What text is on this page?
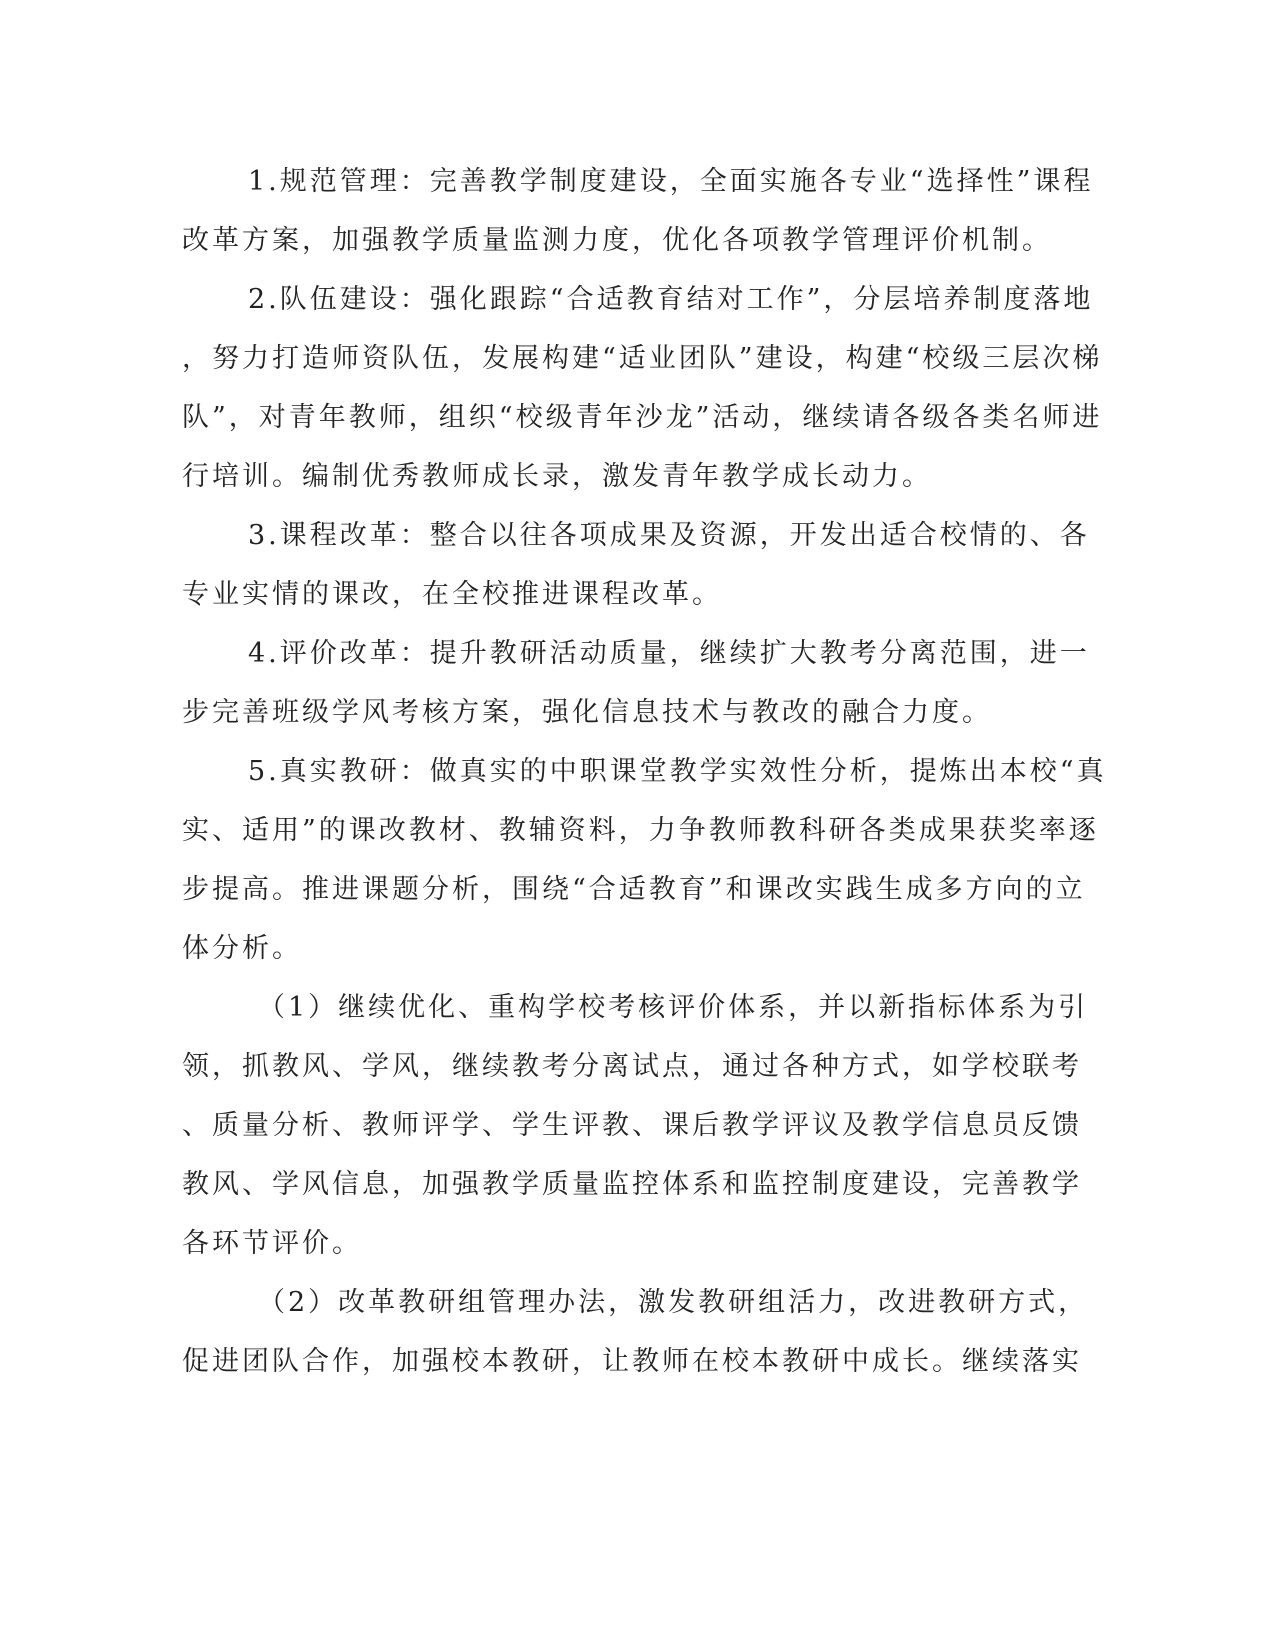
1.规范管理：完善教学制度建设，全面实施各专业“选择性”课程
改革方案，加强教学质量监测力度，优化各项教学管理评价机制。
2.队伍建设：强化跟踪“合适教育结对工作”，分层培养制度落地
，努力打造师资队伍，发展构建“适业团队”建设，构建“校级三层次梯
队”，对青年教师，组织“校级青年沙龙”活动，继续请各级各类名师进
行培训。编制优秀教师成长录，激发青年教学成长动力。
3.课程改革：整合以往各项成果及资源，开发出适合校情的、各
专业实情的课改，在全校推进课程改革。
4.评价改革：提升教研活动质量，继续扩大教考分离范围，进一
步完善班级学风考核方案，强化信息技术与教改的融合力度。
5.真实教研：做真实的中职课堂教学实效性分析，提炼出本校“真
实、适用”的课改教材、教辅资料，力争教师教科研各类成果获奖率逐
步提高。推进课题分析，围绕“合适教育”和课改实践生成多方向的立
体分析。
（1）继续优化、重构学校考核评价体系，并以新指标体系为引
领，抓教风、学风，继续教考分离试点，通过各种方式，如学校联考
、质量分析、教师评学、学生评教、课后教学评议及教学信息员反馈
教风、学风信息，加强教学质量监控体系和监控制度建设，完善教学
各环节评价。
（2）改革教研组管理办法，激发教研组活力，改进教研方式，
促进团队合作，加强校本教研，让教师在校本教研中成长。继续落实
